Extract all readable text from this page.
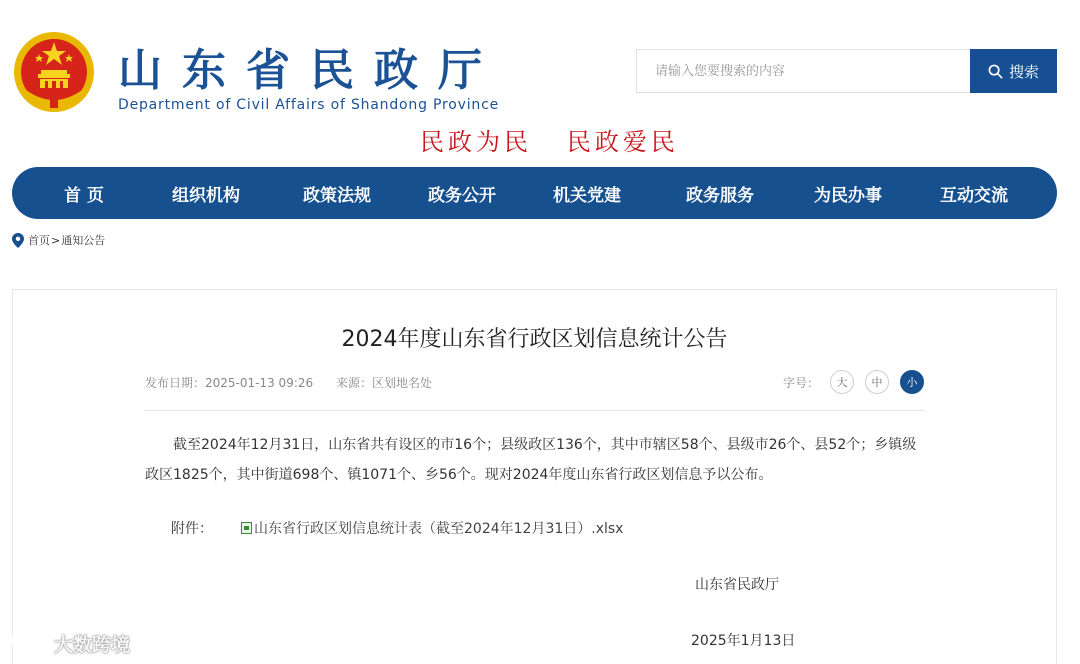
山东省民政厅
Department of Civil Affairs of Shandong Province
民政为民   民政爱民
请输入您要搜索的内容
搜索
首 页	组织机构	政策法规	政务公开	机关党建	政务服务	为民办事	互动交流
首页 > 通知公告
2024年度山东省行政区划信息统计公告
发布日期：2025-01-13 09:26      来源：区划地名处	字号：	大	中	小

截至2024年12月31日，山东省共有设区的市16个；县级政区136个，其中市辖区58个、县级市26个、县52个；乡镇级政区1825个，其中街道698个、镇1071个、乡56个。现对2024年度山东省行政区划信息予以公布。

附件：	山东省行政区划信息统计表（截至2024年12月31日）.xlsx
山东省民政厅
2025年1月13日
大数跨境
